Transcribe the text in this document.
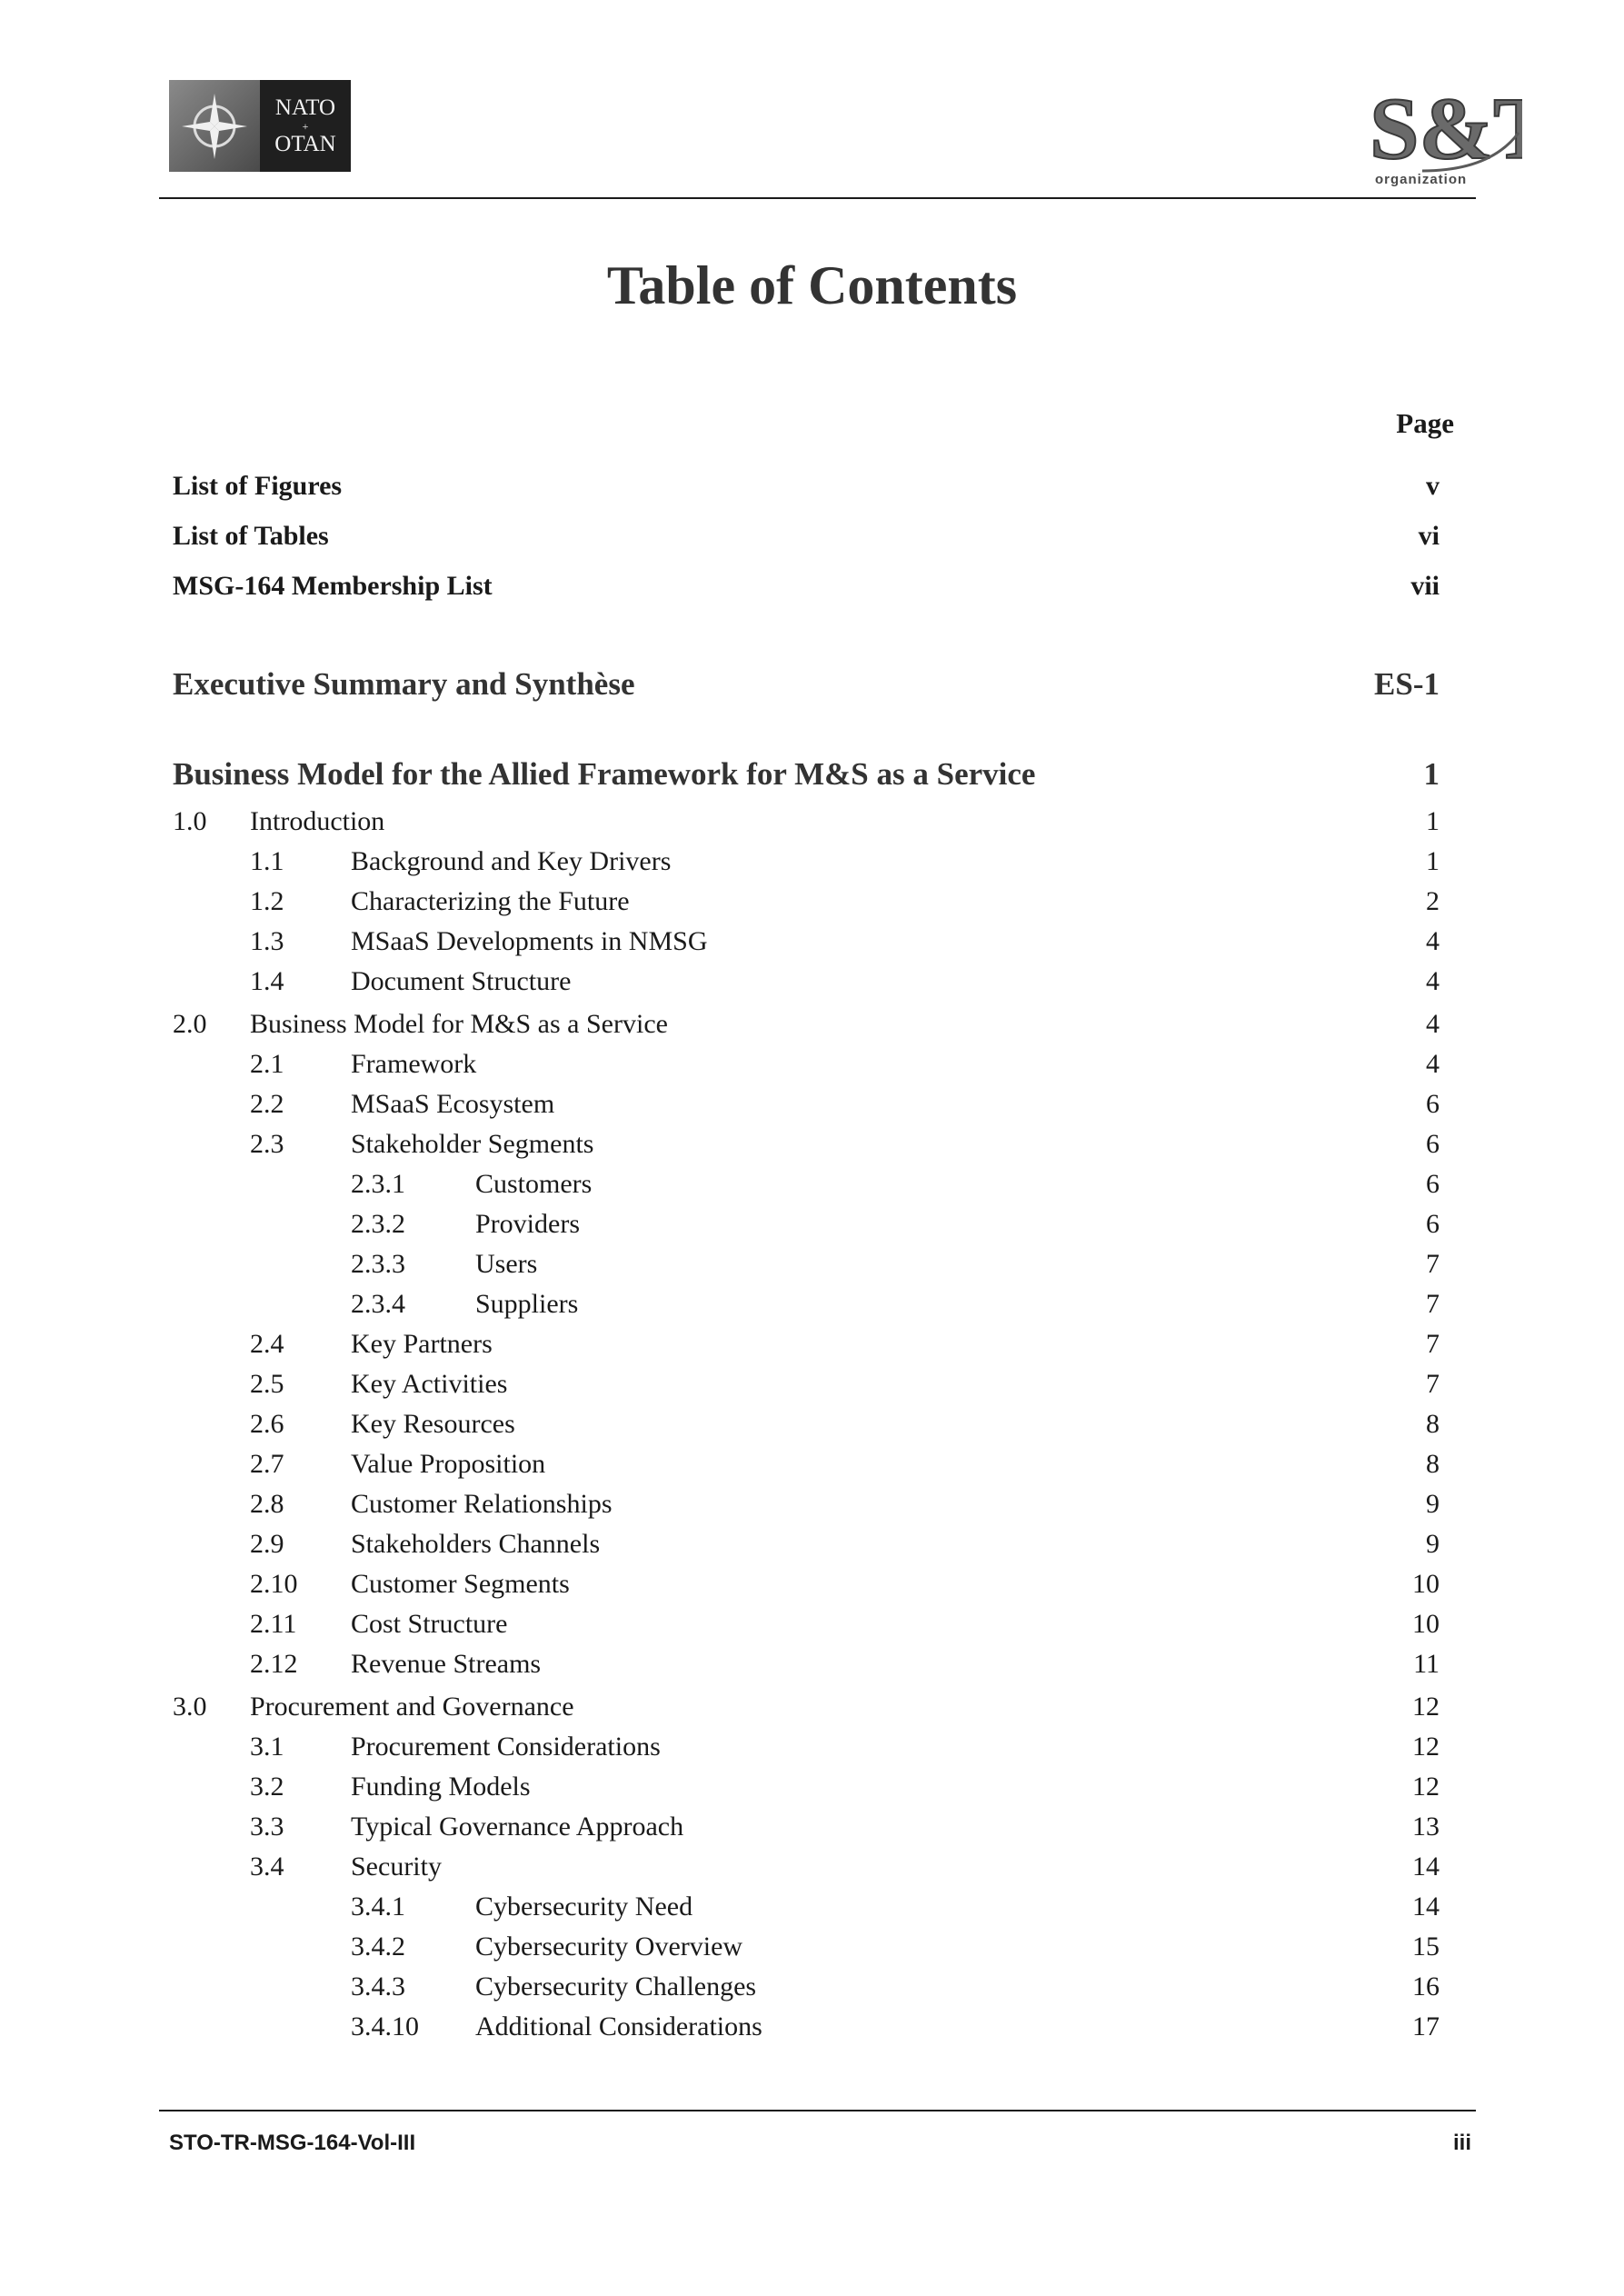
NATO
+
OTAN	S&
organization
Table of Contents
Page
List of Figures	v
List of Tables	vi
MSG-164 Membership List	vii
Executive Summary and Synthèse	ES-1
Business Model for the Allied Framework for M&S as a Service	1
1.0 Introduction	1
1.1 Background and Key Drivers	1
1.2 Characterizing the Future	2
1.3 MSaaS Developments in NMSG	4
1.4 Document Structure	4
2.0 Business Model for M&S as a Service	4
2.1 Framework	4
2.2 MSaaS Ecosystem	6
2.3 Stakeholder Segments	6
2.3.1	Customers	6
2.3.2	Providers	6
2.3.3	Users	7
2.3.4	Suppliers	7
2.4 Key Partners	7
2.5 Key Activities	7
2.6 Key Resources	8
2.7 Value Proposition	8
2.8 Customer Relationships	9
2.9 Stakeholders Channels	9
2.10 Customer Segments	10
2.11 Cost Structure	10
2.12 Revenue Streams	11
3.0 Procurement and Governance	12
3.1 Procurement Considerations	12
3.2 Funding Models	12
3.3 Typical Governance Approach	13
3.4 Security	14
3.4.1	Cybersecurity Need	14
3.4.2	Cybersecurity Overview	15
3.4.3	Cybersecurity Challenges	16
3.4.10 Additional Considerations	17
STO-TR-MSG-164-Vol-III	iii
